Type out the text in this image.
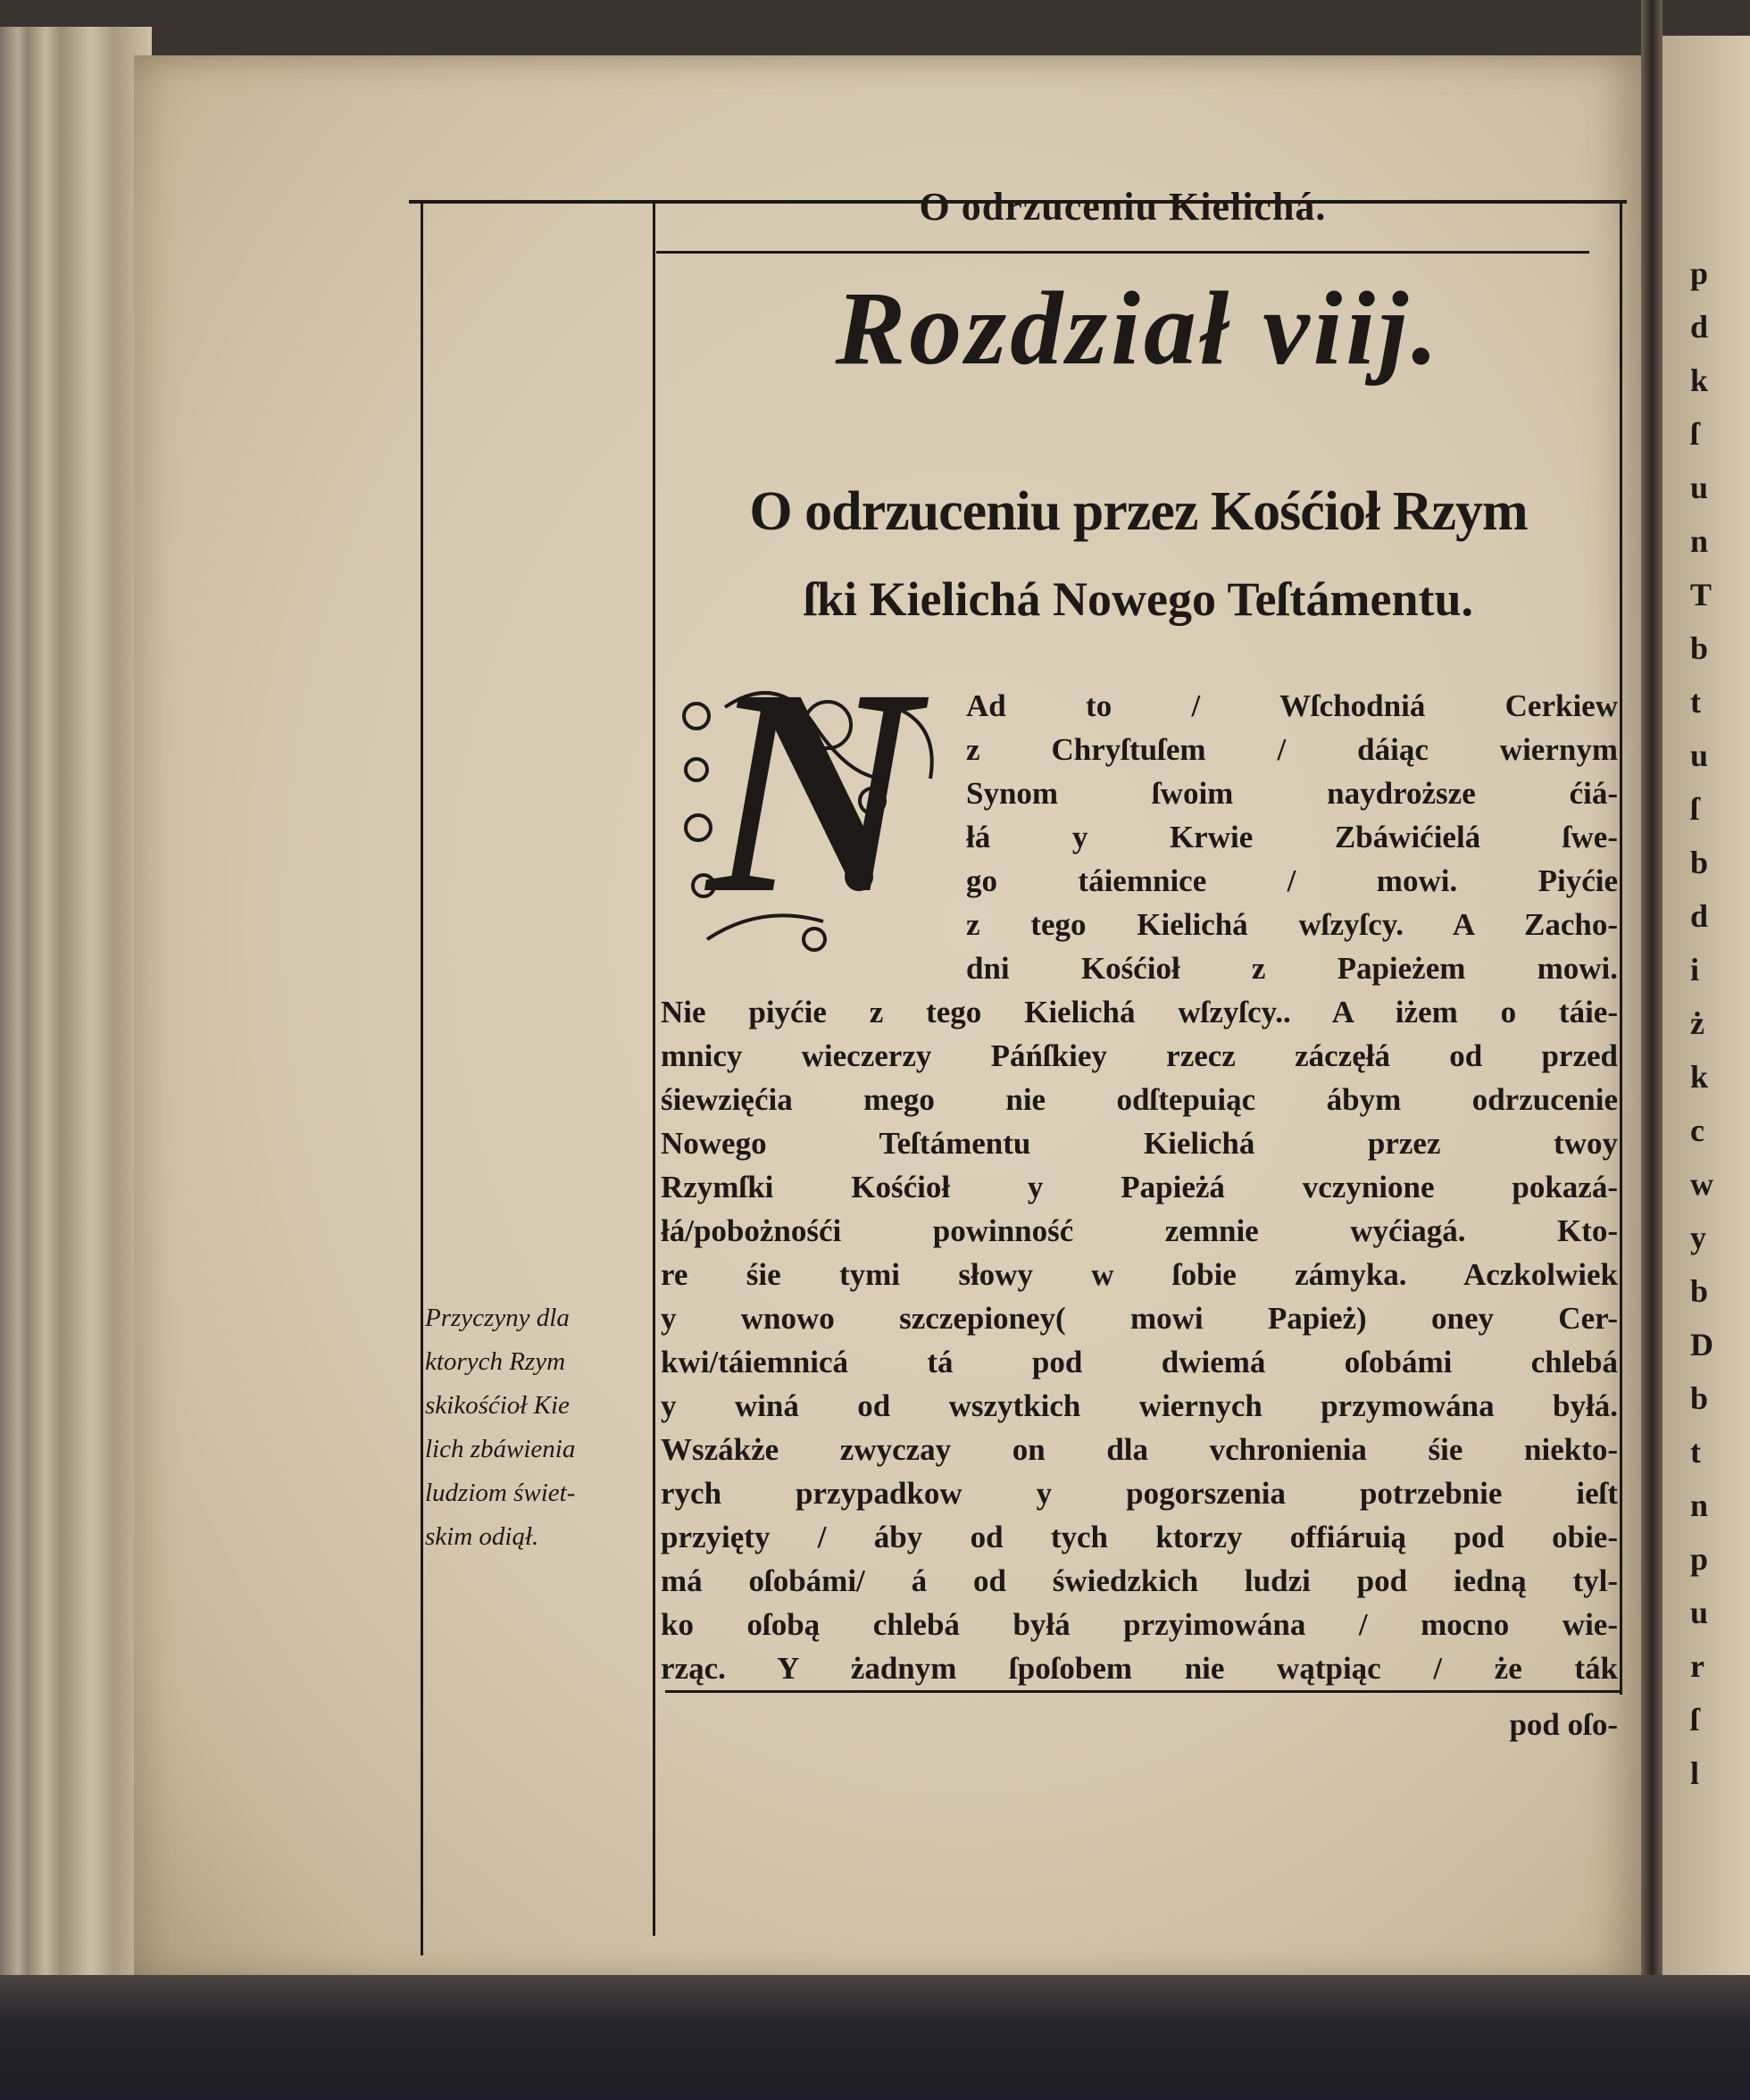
O odrzuceniu Kielichá.
Rozdział viij.
O odrzuceniu przez Kośćioł Rzym
ſki Kielichá Nowego Teſtámentu.
N Ad to / Wſchodniá Cerkiew
z Chryſtuſem / dáiąc wiernym
Synom ſwoim naydroższe ćiá-
łá y Krwie Zbáwićielá ſwe-
go táiemnice / mowi. Piyćie
z tego Kielichá wſzyſcy. A Zacho-
dni Kośćioł z Papieżem mowi.
Nie piyćie z tego Kielichá wſzyſcy.. A iżem o táie-
mnicy wieczerzy Páńſkiey rzecz záczęłá od przed
śiewzięćia mego nie odſtepuiąc ábym odrzucenie
Nowego Teſtámentu Kielichá przez twoy
Rzymſki Kośćioł y Papieżá vczynione pokazá-
łá/pobożnośći powinność zemnie wyćiagá. Kto-
re śie tymi słowy w ſobie zámyka. Aczkolwiek
y wnowo szczepioney( mowi Papież) oney Cer-
kwi/táiemnicá tá pod dwiemá oſobámi chlebá
y winá od wszytkich wiernych przymowána byłá.
Wszákże zwyczay on dla vchronienia śie niekto-
rych przypadkow y pogorszenia potrzebnie ieſt
przyięty / áby od tych ktorzy offiáruią pod obie-
má oſobámi/ á od świedzkich ludzi pod iedną tyl-
ko oſobą chlebá byłá przyimowána / mocno wie-
rząc. Y żadnym ſpoſobem nie wątpiąc / że ták
Przyczyny dla
ktorych Rzym
skikośćioł Kie
lich zbáwienia
ludziom świet-
skim odiął.
pod oſo-
p
d
k
ſ
u
n
T
b
t
u
ſ
b
d
i
ż
k
c
w
y
b
D
b
t
n
p
u
r
ſ
l
